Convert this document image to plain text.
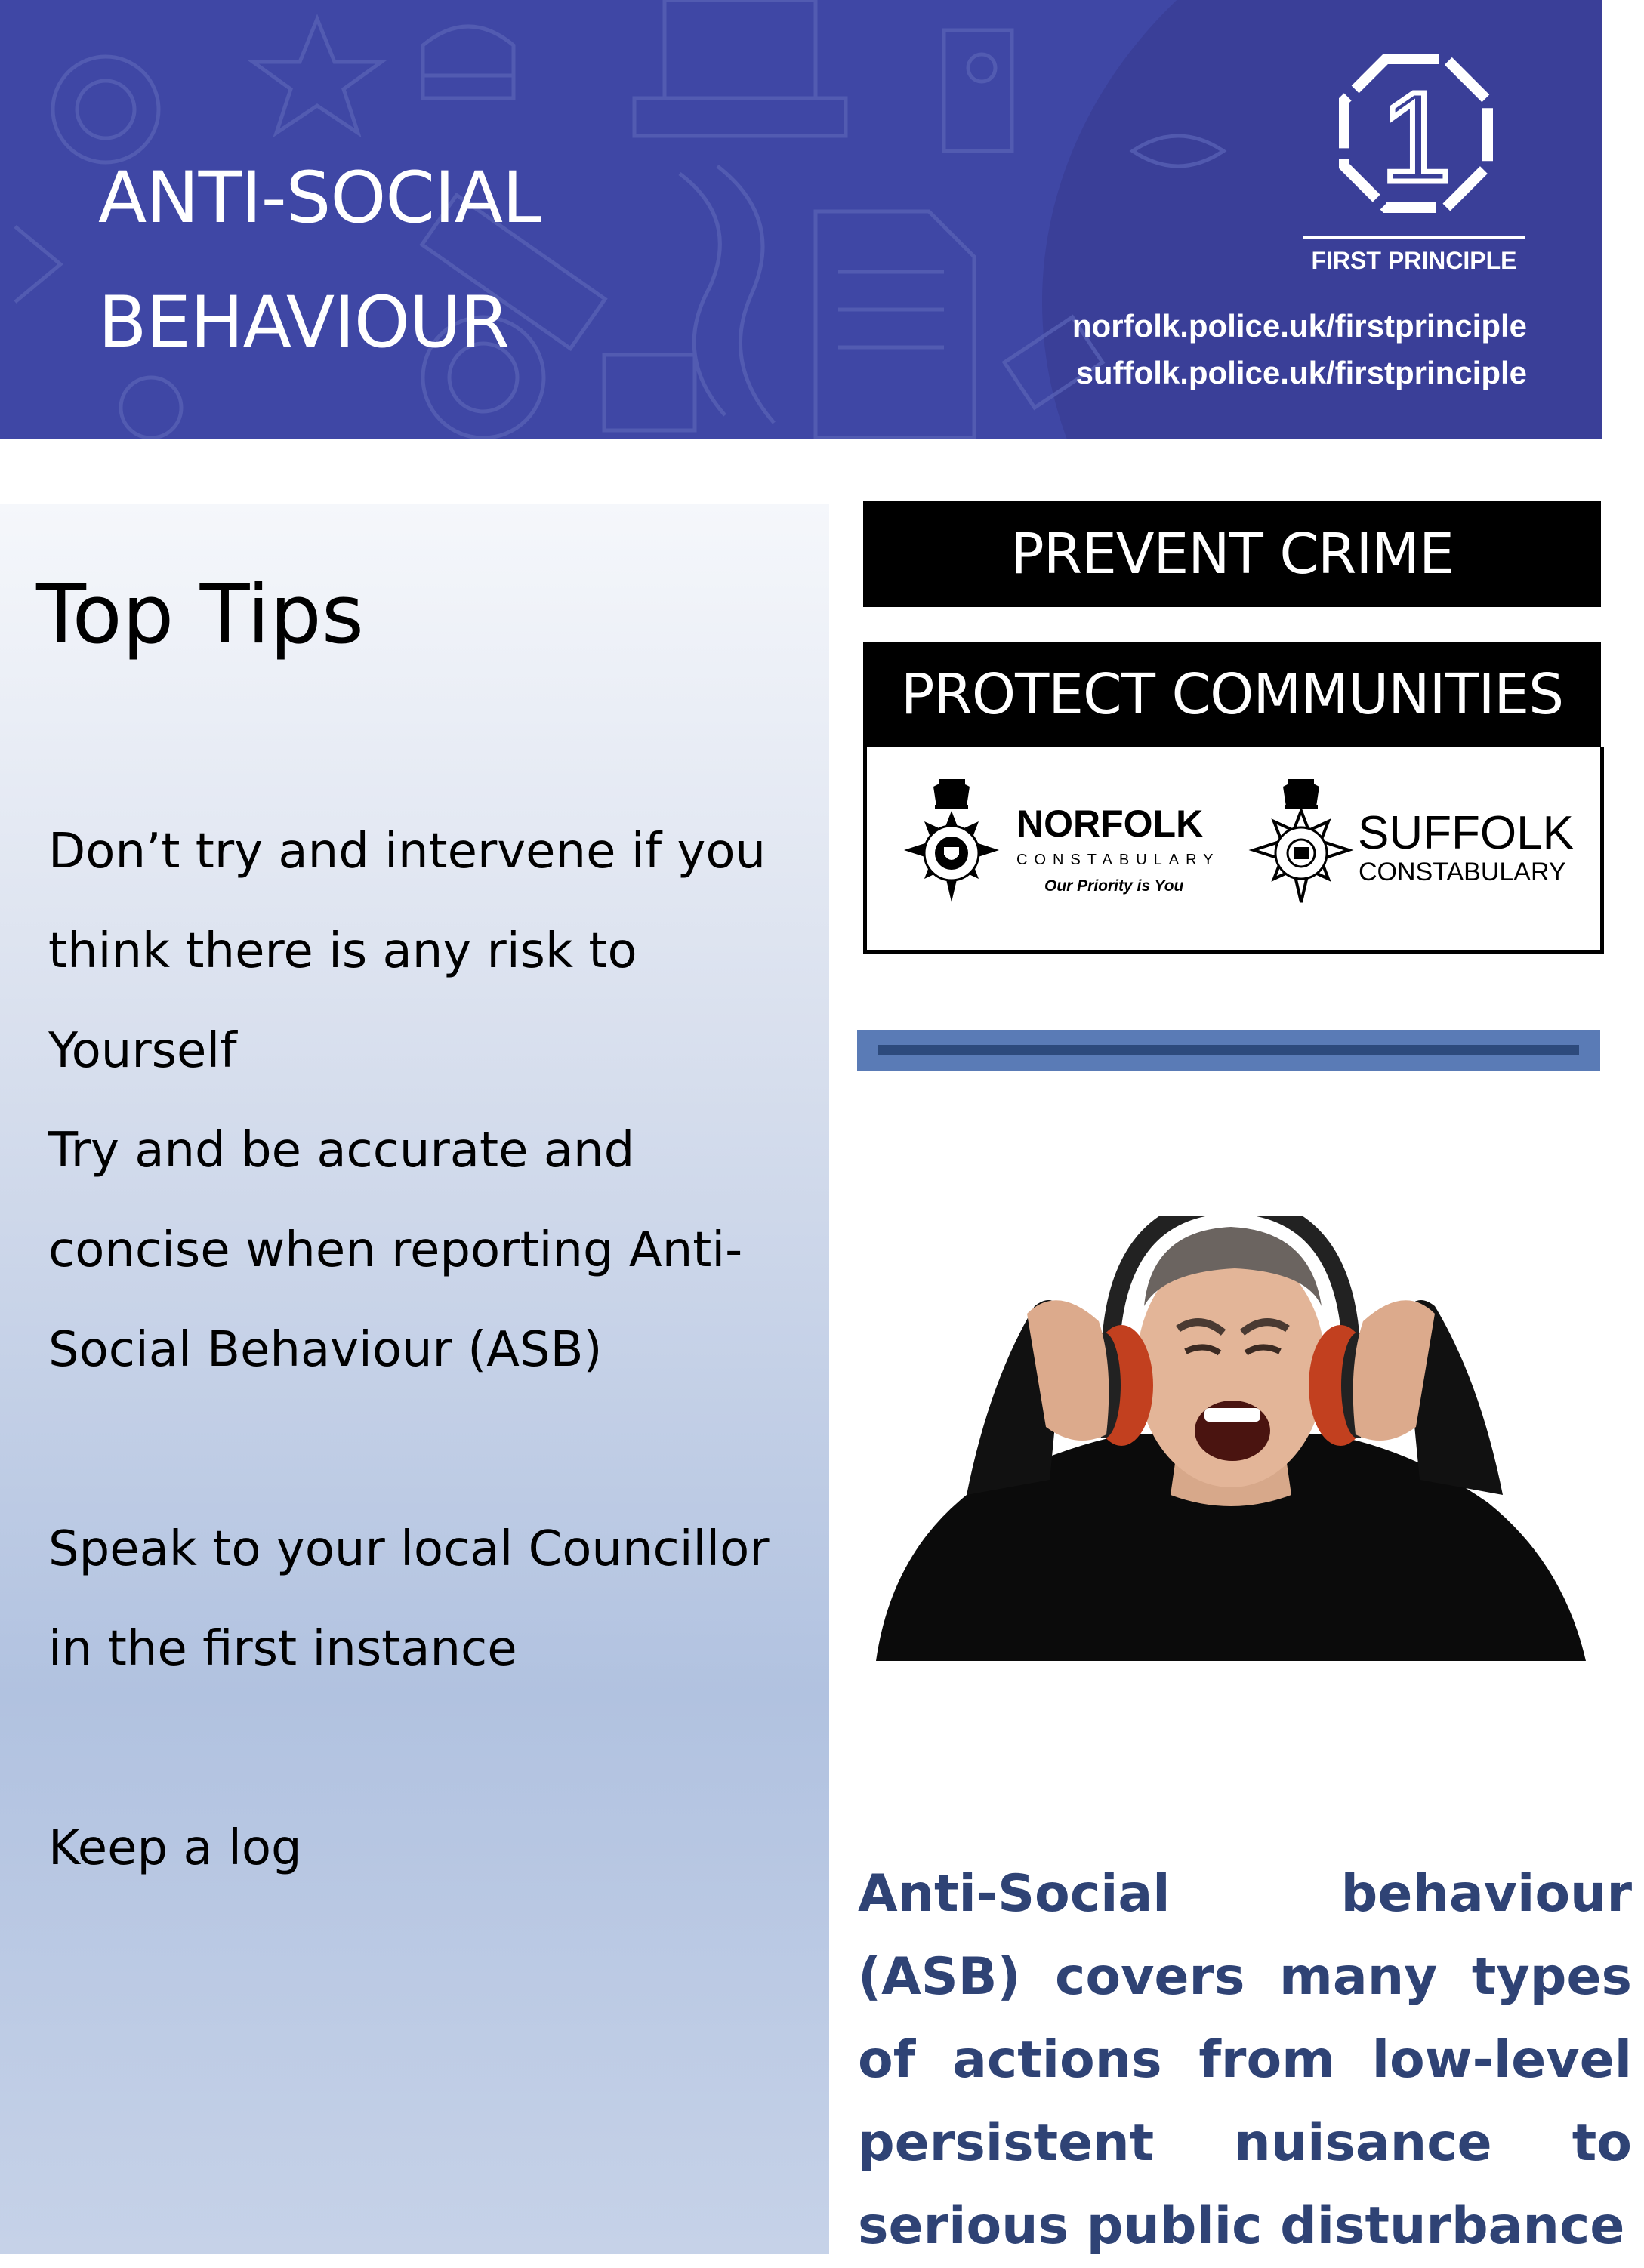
ANTI-SOCIAL
BEHAVIOUR
1
FIRST PRINCIPLE
norfolk.police.uk/firstprinciple
suffolk.police.uk/firstprinciple
Top Tips

Don’t try and intervene if you think there is any risk to Yourself

Try and be accurate and concise when reporting Anti-Social Behaviour (ASB)

Speak to your local Councillor in the first instance

Keep a log

PREVENT CRIME
PROTECT COMMUNITIES
NORFOLK
CONSTABULARY
Our Priority is You
SUFFOLK
CONSTABULARY

Anti-Social behaviour (ASB) covers many types of actions from low-level persistent nuisance to serious public disturbance
